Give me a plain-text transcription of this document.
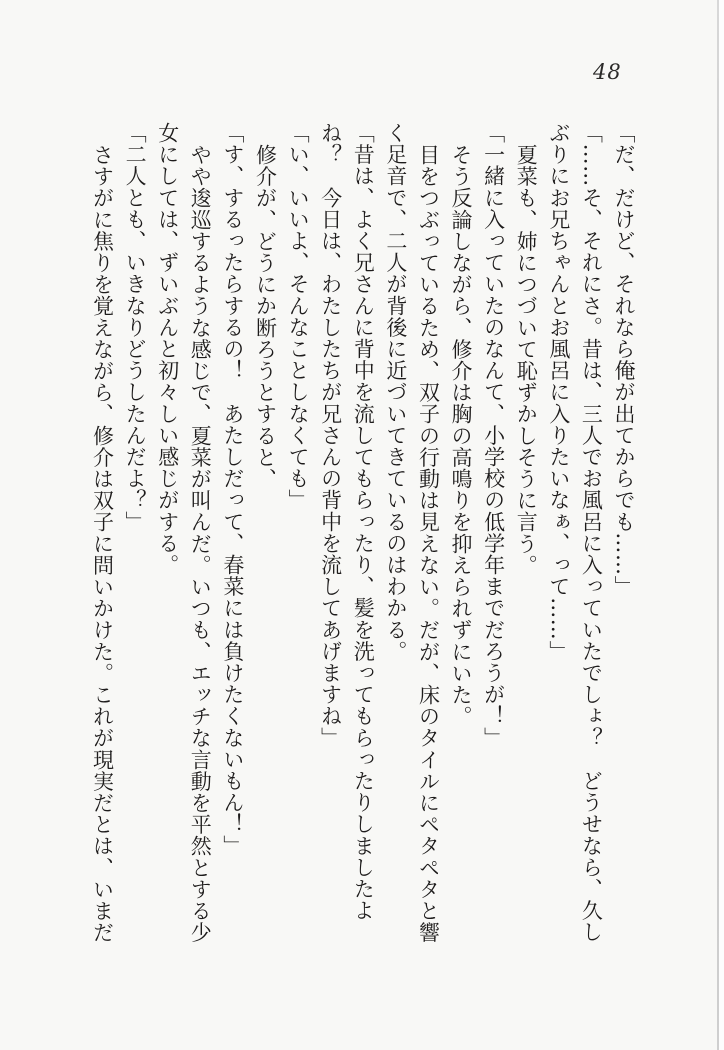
48

「だ、だけど、それなら俺が出てからでも……」

「……そ、それにさ。昔は、三人でお風呂に入っていたでしょ？　どうせなら、久し

ぶりにお兄ちゃんとお風呂に入りたいなぁ、って……」

夏菜も、姉につづいて恥ずかしそうに言う。

「一緒に入っていたのなんて、小学校の低学年までだろうが！」

そう反論しながら、修介は胸の高鳴りを抑えられずにいた。

目をつぶっているため、双子の行動は見えない。だが、床のタイルにペタペタと響

く足音で、二人が背後に近づいてきているのはわかる。

「昔は、よく兄さんに背中を流してもらったり、髪を洗ってもらったりしましたよ

ね？　今日は、わたしたちが兄さんの背中を流してあげますね」

「い、いいよ、そんなことしなくても」

修介が、どうにか断ろうとすると、

「す、するったらするの！　あたしだって、春菜には負けたくないもん！」

やや逡巡するような感じで、夏菜が叫んだ。いつも、エッチな言動を平然とする少

女にしては、ずいぶんと初々しい感じがする。

「二人とも、いきなりどうしたんだよ？」

さすがに焦りを覚えながら、修介は双子に問いかけた。これが現実だとは、いまだ
